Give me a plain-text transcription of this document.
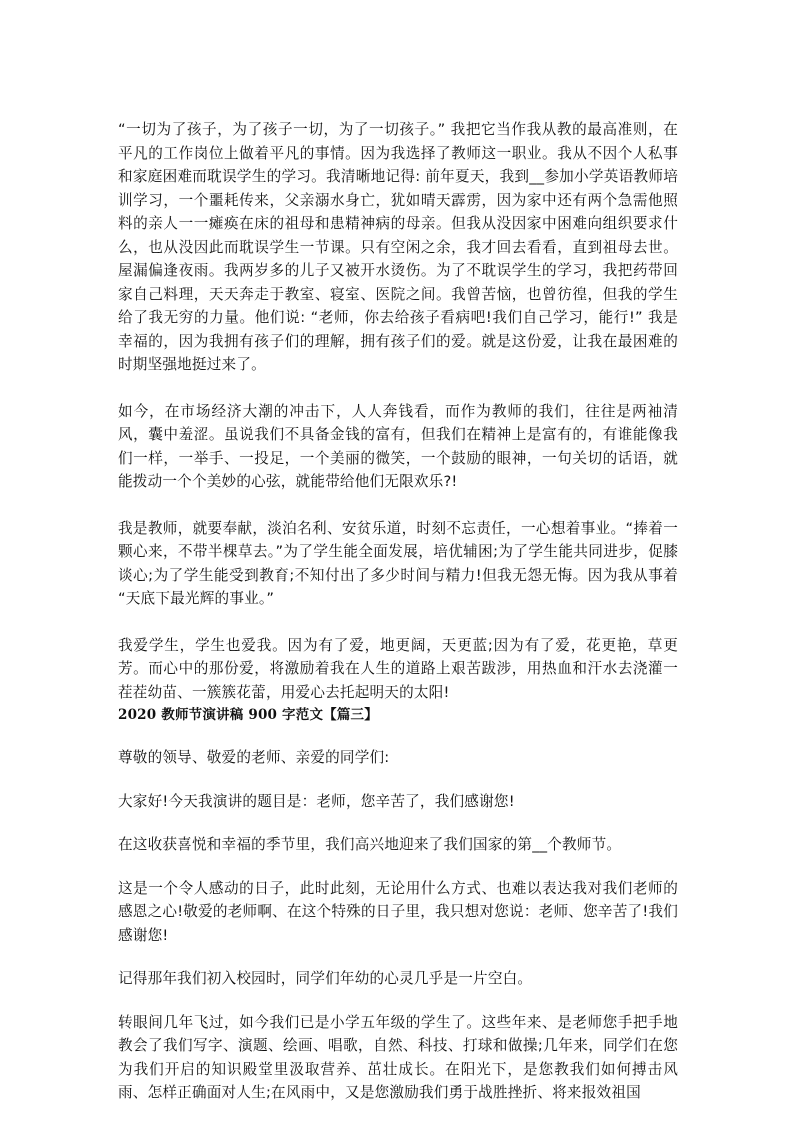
“一切为了孩子，为了孩子一切，为了一切孩子。” 我把它当作我从教的最高准则，在平凡的工作岗位上做着平凡的事情。因为我选择了教师这一职业。我从不因个人私事和家庭困难而耽误学生的学习。我清晰地记得: 前年夏天，我到__参加小学英语教师培训学习，一个噩耗传来，父亲溺水身亡，犹如晴天霹雳，因为家中还有两个急需他照料的亲人一一瘫痪在床的祖母和患精神病的母亲。但我从没因家中困难向组织要求什么，也从没因此而耽误学生一节课。只有空闲之余，我才回去看看，直到祖母去世。屋漏偏逢夜雨。我两岁多的儿子又被开水烫伤。为了不耽误学生的学习，我把药带回家自己料理，天天奔走于教室、寝室、医院之间。我曾苦恼，也曾彷徨，但我的学生给了我无穷的力量。他们说: “老师，你去给孩子看病吧!我们自己学习，能行!” 我是幸福的，因为我拥有孩子们的理解，拥有孩子们的爱。就是这份爱，让我在最困难的时期坚强地挺过来了。

如今，在市场经济大潮的冲击下，人人奔钱看，而作为教师的我们，往往是两袖清风，囊中羞涩。虽说我们不具备金钱的富有，但我们在精神上是富有的，有谁能像我们一样，一举手、一投足，一个美丽的微笑，一个鼓励的眼神，一句关切的话语，就能拨动一个个美妙的心弦，就能带给他们无限欢乐?!

我是教师，就要奉献，淡泊名利、安贫乐道，时刻不忘责任，一心想着事业。“捧着一颗心来，不带半棵草去。”为了学生能全面发展，培优辅困;为了学生能共同进步，促膝谈心;为了学生能受到教育;不知付出了多少时间与精力!但我无怨无悔。因为我从事着 “天底下最光辉的事业。”

我爱学生，学生也爱我。因为有了爱，地更阔，天更蓝;因为有了爱，花更艳，草更芳。而心中的那份爱，将激励着我在人生的道路上艰苦跋涉，用热血和汗水去浇灌一茬茬幼苗、一簇簇花蕾，用爱心去托起明天的太阳!

2020 教师节演讲稿 900 字范文【篇三】

尊敬的领导、敬爱的老师、亲爱的同学们:

大家好!今天我演讲的题目是：老师，您辛苦了，我们感谢您!

在这收获喜悦和幸福的季节里，我们高兴地迎来了我们国家的第__个教师节。

这是一个令人感动的日子，此时此刻，无论用什么方式、也难以表达我对我们老师的感恩之心!敬爱的老师啊、在这个特殊的日子里，我只想对您说：老师、您辛苦了!我们感谢您!

记得那年我们初入校园时，同学们年幼的心灵几乎是一片空白。

转眼间几年飞过，如今我们已是小学五年级的学生了。这些年来、是老师您手把手地教会了我们写字、演题、绘画、唱歌，自然、科技、打球和做操;几年来，同学们在您为我们开启的知识殿堂里汲取营养、茁壮成长。在阳光下，是您教我们如何搏击风雨、怎样正确面对人生;在风雨中，又是您激励我们勇于战胜挫折、将来报效祖国
